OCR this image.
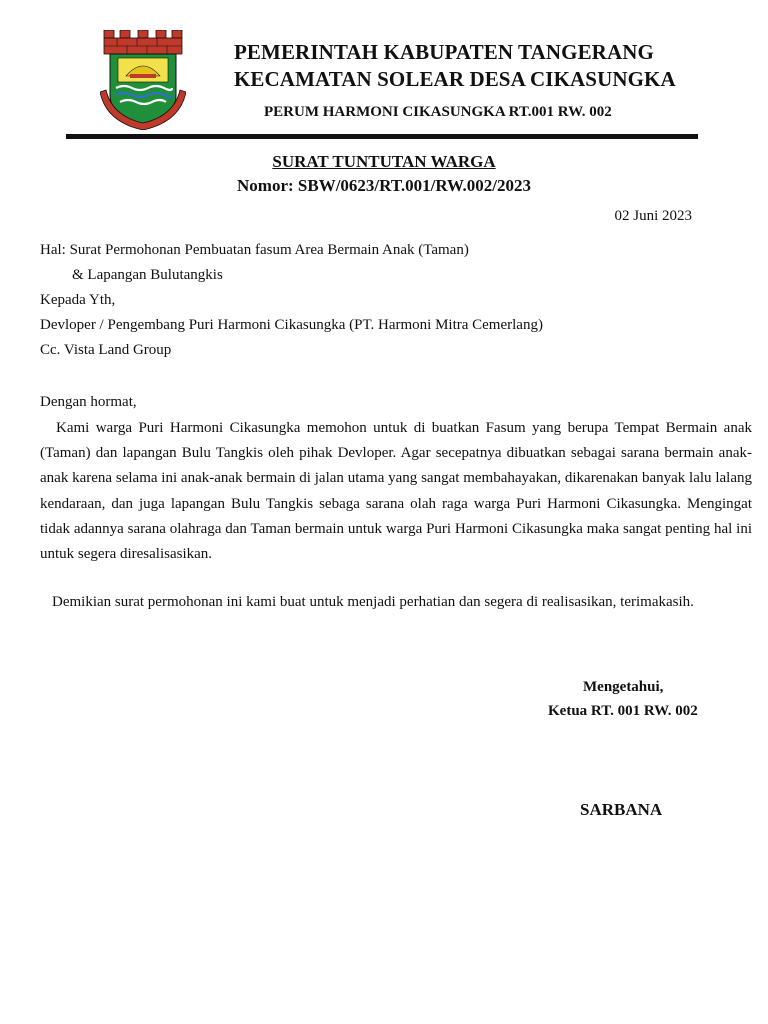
PEMERINTAH KABUPATEN TANGERANG
KECAMATAN SOLEAR DESA CIKASUNGKA
PERUM HARMONI CIKASUNGKA RT.001 RW. 002
SURAT TUNTUTAN WARGA
Nomor: SBW/0623/RT.001/RW.002/2023
02 Juni 2023
Hal: Surat Permohonan Pembuatan fasum Area Bermain Anak (Taman)
& Lapangan Bulutangkis
Kepada Yth,
Devloper / Pengembang Puri Harmoni Cikasungka (PT. Harmoni Mitra Cemerlang)
Cc. Vista Land Group
Dengan hormat,
Kami warga Puri Harmoni Cikasungka memohon untuk di buatkan Fasum yang berupa Tempat Bermain anak (Taman) dan lapangan Bulu Tangkis oleh pihak Devloper. Agar secepatnya dibuatkan sebagai sarana bermain anak-anak karena selama ini anak-anak bermain di jalan utama yang sangat membahayakan, dikarenakan banyak lalu lalang kendaraan, dan juga lapangan Bulu Tangkis sebaga sarana olah raga warga Puri Harmoni Cikasungka. Mengingat tidak adannya sarana olahraga dan Taman bermain untuk warga Puri Harmoni Cikasungka maka sangat penting hal ini untuk segera diresalisasikan.
Demikian surat permohonan ini kami buat untuk menjadi perhatian dan segera di realisasikan, terimakasih.
Mengetahui,
Ketua RT. 001 RW. 002
SARBANA
